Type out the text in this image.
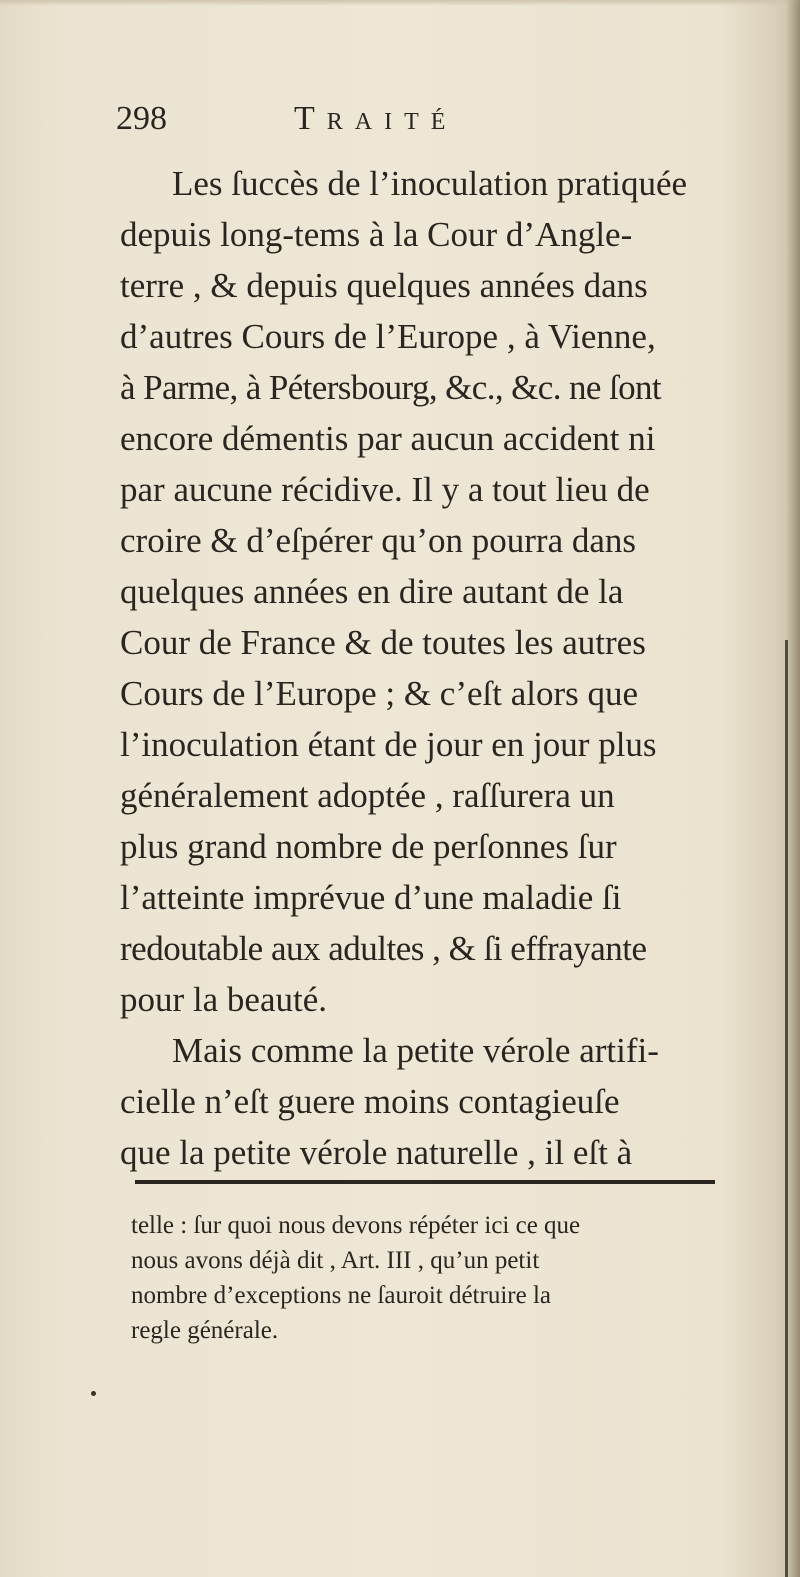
298	Traité
Les ſuccès de l’inoculation pratiquée
depuis long-tems à la Cour d’Angle-
terre , & depuis quelques années dans
d’autres Cours de l’Europe , à Vienne,
à Parme, à Pétersbourg, &c., &c. ne ſont
encore démentis par aucun accident ni
par aucune récidive. Il y a tout lieu de
croire & d’eſpérer qu’on pourra dans
quelques années en dire autant de la
Cour de France & de toutes les autres
Cours de l’Europe ; & c’eſt alors que
l’inoculation étant de jour en jour plus
généralement adoptée , raſſurera un
plus grand nombre de perſonnes ſur
l’atteinte imprévue d’une maladie ſi
redoutable aux adultes , & ſi effrayante
pour la beauté.
Mais comme la petite vérole artifi-
cielle n’eſt guere moins contagieuſe
que la petite vérole naturelle , il eſt à
telle : ſur quoi nous devons répéter ici ce que
nous avons déjà dit , Art. III , qu’un petit
nombre d’exceptions ne ſauroit détruire la
regle générale.
